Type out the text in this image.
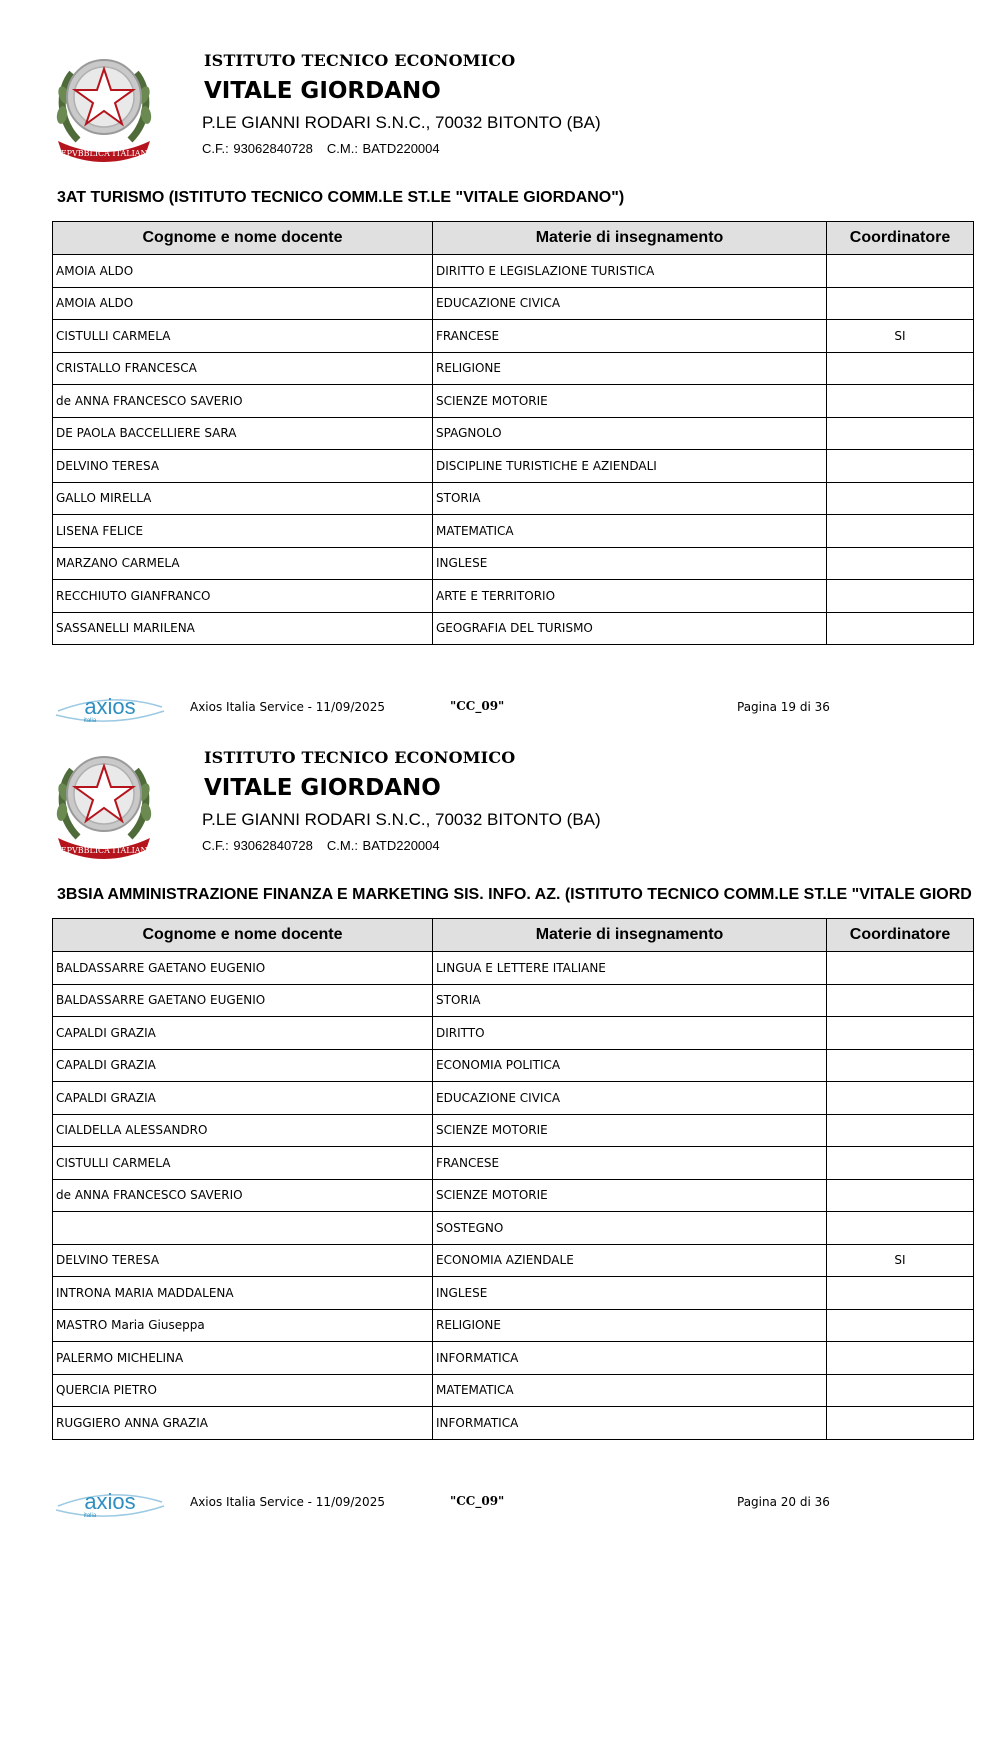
REPVBBLICA ITALIANA
ISTITUTO TECNICO ECONOMICO
VITALE GIORDANO
P.LE GIANNI RODARI S.N.C., 70032 BITONTO (BA)
C.F.: 93062840728 C.M.: BATD220004
3AT TURISMO (ISTITUTO TECNICO COMM.LE ST.LE "VITALE GIORDANO")
Cognome e nome docente	Materie di insegnamento	Coordinatore
AMOIA ALDO	DIRITTO E LEGISLAZIONE TURISTICA	
AMOIA ALDO	EDUCAZIONE CIVICA	
CISTULLI CARMELA	FRANCESE	SI
CRISTALLO FRANCESCA	RELIGIONE	
de ANNA FRANCESCO SAVERIO	SCIENZE MOTORIE	
DE PAOLA BACCELLIERE SARA	SPAGNOLO	
DELVINO TERESA	DISCIPLINE TURISTICHE E AZIENDALI	
GALLO MIRELLA	STORIA	
LISENA FELICE	MATEMATICA	
MARZANO CARMELA	INGLESE	
RECCHIUTO GIANFRANCO	ARTE E TERRITORIO	
SASSANELLI MARILENA	GEOGRAFIA DEL TURISMO	
axios
italia
Axios Italia Service - 11/09/2025	"CC_09"	Pagina 19 di 36
REPVBBLICA ITALIANA
ISTITUTO TECNICO ECONOMICO
VITALE GIORDANO
P.LE GIANNI RODARI S.N.C., 70032 BITONTO (BA)
C.F.: 93062840728 C.M.: BATD220004
3BSIA AMMINISTRAZIONE FINANZA E MARKETING SIS. INFO. AZ. (ISTITUTO TECNICO COMM.LE ST.LE "VITALE GIORD
Cognome e nome docente	Materie di insegnamento	Coordinatore
BALDASSARRE GAETANO EUGENIO	LINGUA E LETTERE ITALIANE	
BALDASSARRE GAETANO EUGENIO	STORIA	
CAPALDI GRAZIA	DIRITTO	
CAPALDI GRAZIA	ECONOMIA POLITICA	
CAPALDI GRAZIA	EDUCAZIONE CIVICA	
CIALDELLA ALESSANDRO	SCIENZE MOTORIE	
CISTULLI CARMELA	FRANCESE	
de ANNA FRANCESCO SAVERIO	SCIENZE MOTORIE	
	SOSTEGNO	
DELVINO TERESA	ECONOMIA AZIENDALE	SI
INTRONA MARIA MADDALENA	INGLESE	
MASTRO Maria Giuseppa	RELIGIONE	
PALERMO MICHELINA	INFORMATICA	
QUERCIA PIETRO	MATEMATICA	
RUGGIERO ANNA GRAZIA	INFORMATICA	
axios
italia
Axios Italia Service - 11/09/2025	"CC_09"	Pagina 20 di 36
